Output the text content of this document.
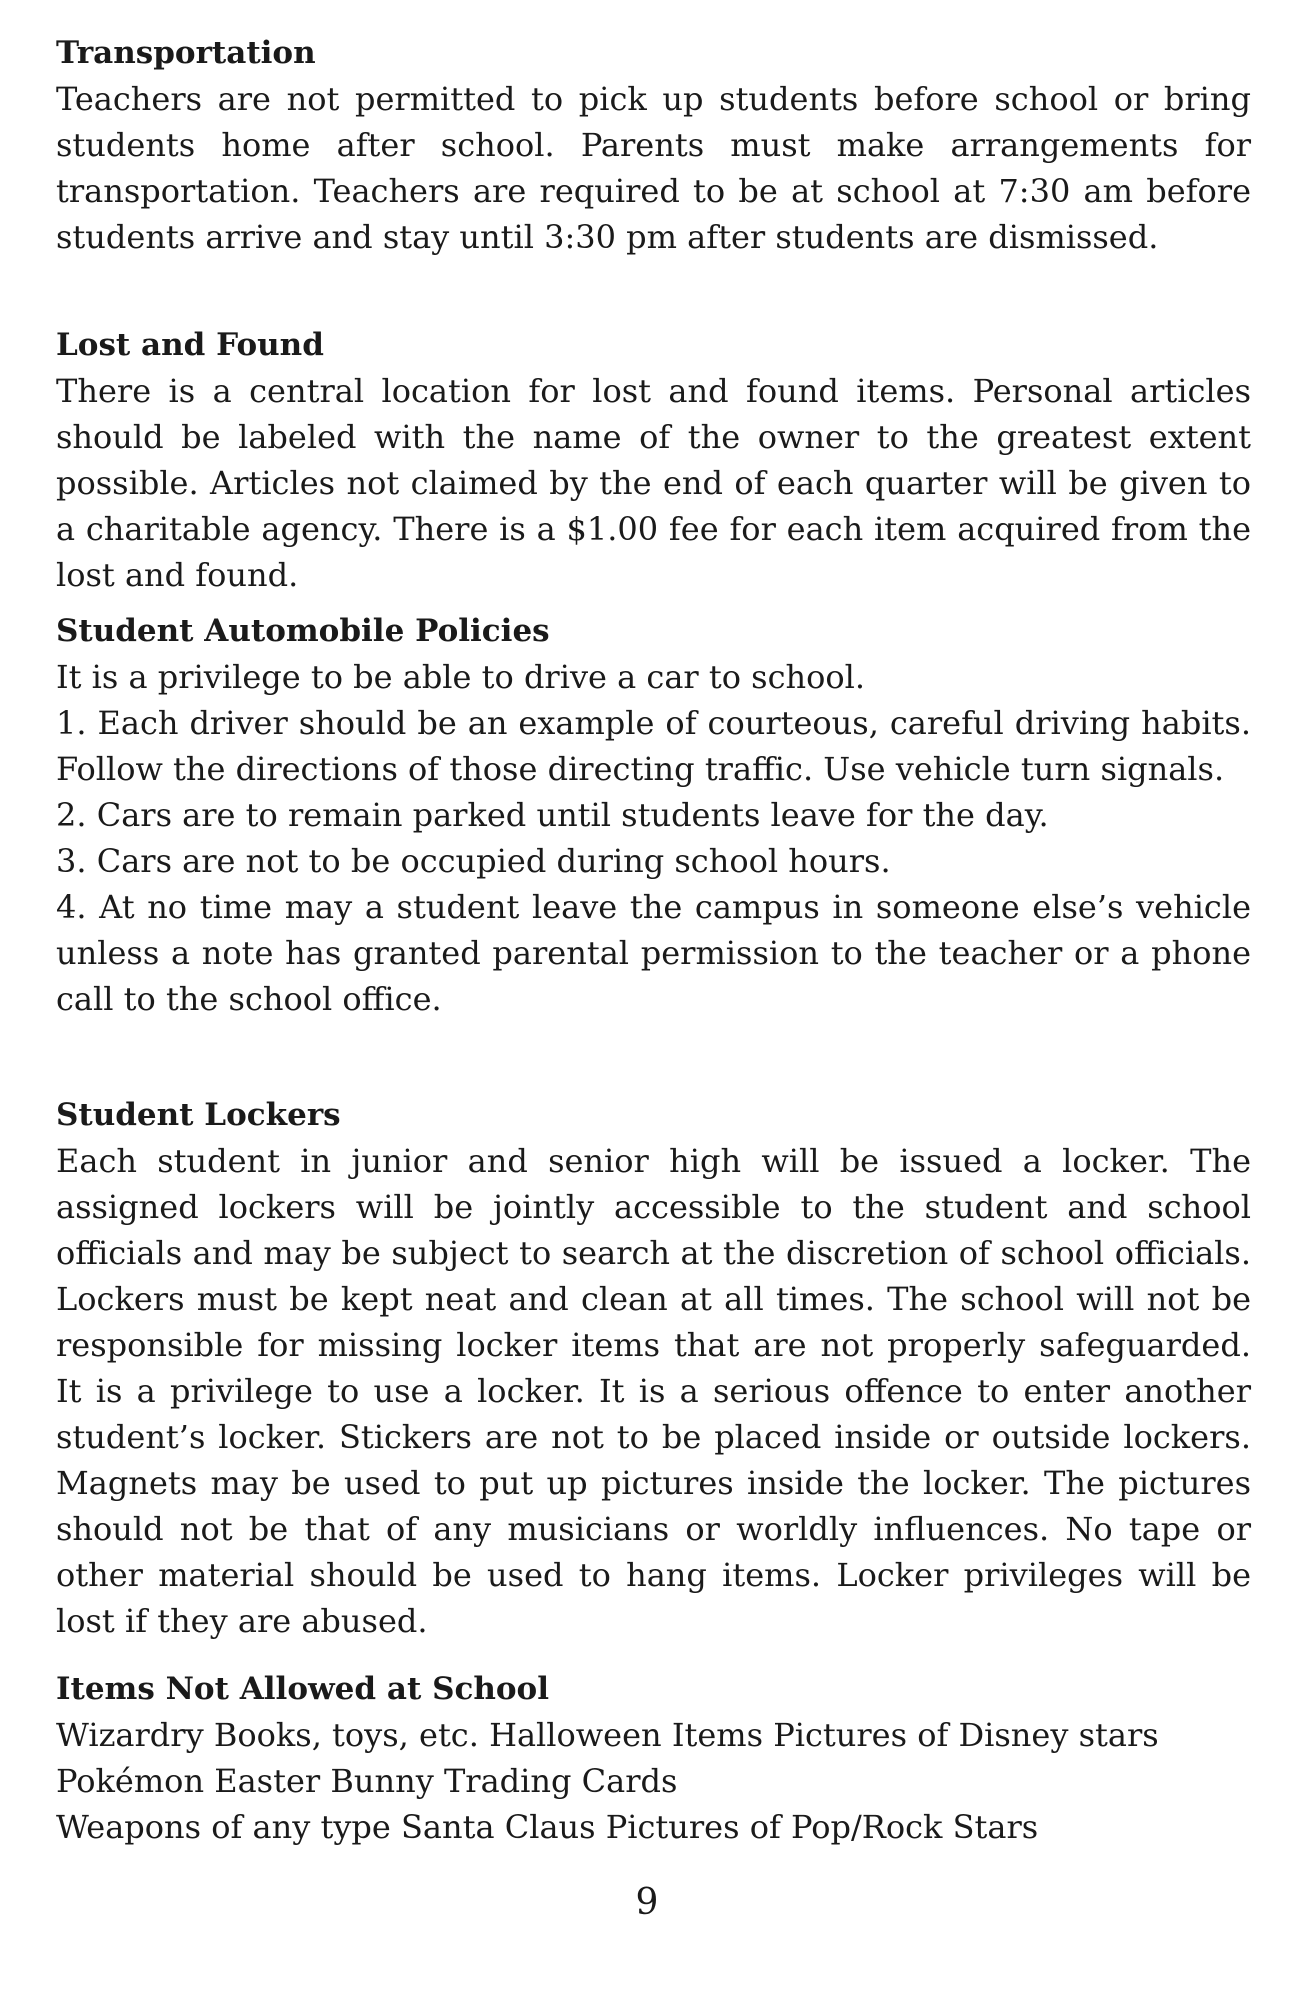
Transportation

Teachers are not permitted to pick up students before school or bring students home after school. Parents must make arrangements for transportation. Teachers are required to be at school at 7:30 am before students arrive and stay until 3:30 pm after students are dismissed.

Lost and Found

There is a central location for lost and found items. Personal articles should be labeled with the name of the owner to the greatest extent possible. Articles not claimed by the end of each quarter will be given to a charitable agency. There is a $1.00 fee for each item acquired from the lost and found.

Student Automobile Policies

It is a privilege to be able to drive a car to school.

1. Each driver should be an example of courteous, careful driving habits. Follow the directions of those directing traffic. Use vehicle turn signals.

2. Cars are to remain parked until students leave for the day.

3. Cars are not to be occupied during school hours.

4. At no time may a student leave the campus in someone else’s vehicle unless a note has granted parental permission to the teacher or a phone call to the school office.

Student Lockers

Each student in junior and senior high will be issued a locker. The assigned lockers will be jointly accessible to the student and school officials and may be subject to search at the discretion of school officials. Lockers must be kept neat and clean at all times. The school will not be responsible for missing locker items that are not properly safeguarded. It is a privilege to use a locker. It is a serious offence to enter another student’s locker. Stickers are not to be placed inside or outside lockers. Magnets may be used to put up pictures inside the locker. The pictures should not be that of any musicians or worldly influences. No tape or other material should be used to hang items. Locker privileges will be lost if they are abused.

Items Not Allowed at School

Wizardry Books, toys, etc. Halloween Items Pictures of Disney stars

Pokémon Easter Bunny Trading Cards

Weapons of any type Santa Claus Pictures of Pop/Rock Stars

9
